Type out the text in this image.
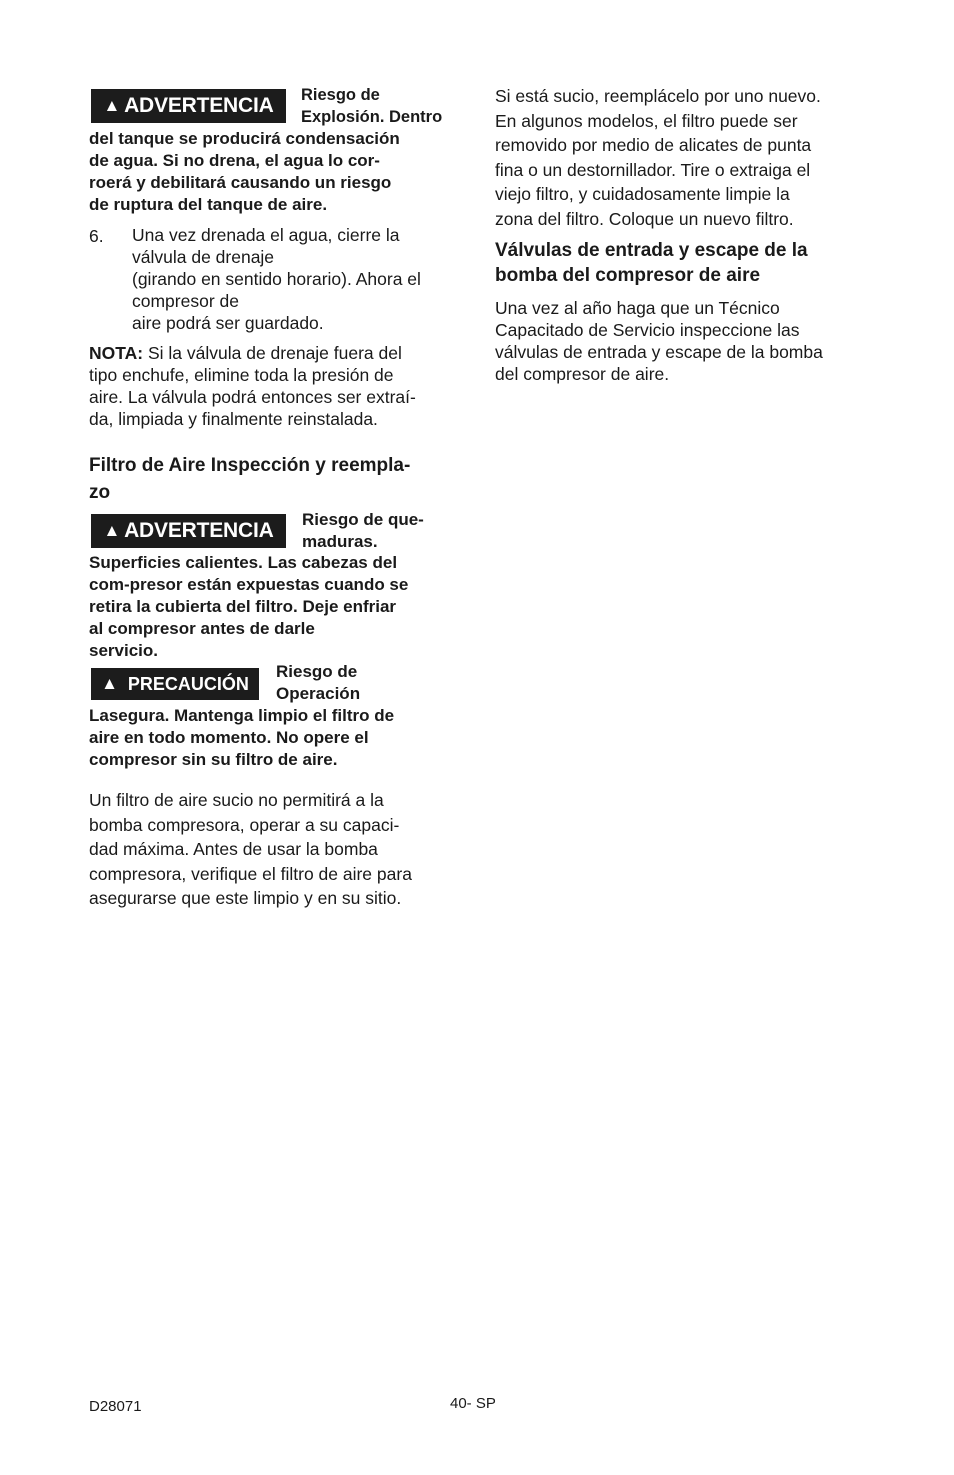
▲ ADVERTENCIA Riesgo de
Explosión. Dentro
del tanque se producirá condensación
de agua. Si no drena, el agua lo cor-
roerá y debilitará causando un riesgo
de ruptura del tanque de aire.
6. Una vez drenada el agua, cierre la
válvula de drenaje
(girando en sentido horario). Ahora el
compresor de
aire podrá ser guardado.
NOTA: Si la válvula de drenaje fuera del
tipo enchufe, elimine toda la presión de
aire. La válvula podrá entonces ser extraí-
da, limpiada y finalmente reinstalada.
Filtro de Aire Inspección y reempla-
zo
▲ ADVERTENCIA Riesgo de que-
maduras.
Superficies calientes. Las cabezas del
com-presor están expuestas cuando se
retira la cubierta del filtro. Deje enfriar
al compresor antes de darle
servicio.
▲ PRECAUCIÓN
Riesgo de
Operación
Lasegura. Mantenga limpio el filtro de
aire en todo momento. No opere el
compresor sin su filtro de aire.
Un filtro de aire sucio no permitirá a la
bomba compresora, operar a su capaci-
dad máxima. Antes de usar la bomba
compresora, verifique el filtro de aire para
asegurarse que este limpio y en su sitio.
Si está sucio, reemplácelo por uno nuevo.
En algunos modelos, el filtro puede ser
removido por medio de alicates de punta
fina o un destornillador. Tire o extraiga el
viejo filtro, y cuidadosamente limpie la
zona del filtro. Coloque un nuevo filtro.
Válvulas de entrada y escape de la
bomba del compresor de aire
Una vez al año haga que un Técnico
Capacitado de Servicio inspeccione las
válvulas de entrada y escape de la bomba
del compresor de aire.
D28071	40- SP
